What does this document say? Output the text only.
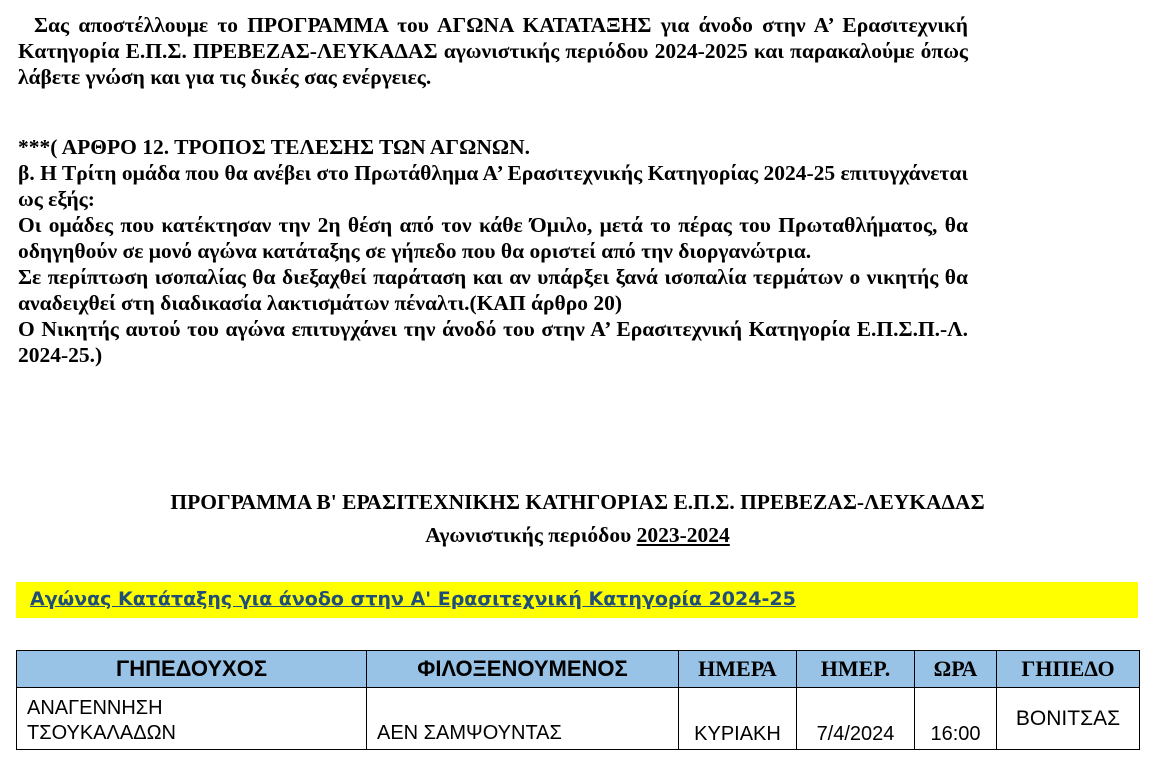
Σας αποστέλλουμε το ΠΡΟΓΡΑΜΜΑ του ΑΓΩΝΑ ΚΑΤΑΤΑΞΗΣ για άνοδο στην Α’ Ερασιτεχνική Κατηγορία Ε.Π.Σ. ΠΡΕΒΕΖΑΣ-ΛΕΥΚΑΔΑΣ αγωνιστικής περιόδου 2024-2025 και παρακαλούμε όπως λάβετε γνώση και για τις δικές σας ενέργειες.

***( ΑΡΘΡΟ 12. ΤΡΟΠΟΣ ΤΕΛΕΣΗΣ ΤΩΝ ΑΓΩΝΩΝ.

β. Η Τρίτη ομάδα που θα ανέβει στο Πρωτάθλημα Α’ Ερασιτεχνικής Κατηγορίας 2024-25 επιτυγχάνεται ως εξής:

Οι ομάδες που κατέκτησαν την 2η θέση από τον κάθε Όμιλο, μετά το πέρας του Πρωταθλήματος, θα οδηγηθούν σε μονό αγώνα κατάταξης σε γήπεδο που θα οριστεί από την διοργανώτρια.

Σε περίπτωση ισοπαλίας θα διεξαχθεί παράταση και αν υπάρξει ξανά ισοπαλία τερμάτων ο νικητής θα αναδειχθεί στη διαδικασία λακτισμάτων πέναλτι.(ΚΑΠ άρθρο 20)

Ο Νικητής αυτού του αγώνα επιτυγχάνει την άνοδό του στην Α’ Ερασιτεχνική Κατηγορία Ε.Π.Σ.Π.-Λ. 2024-25.)

ΠΡΟΓΡΑΜΜΑ Β' ΕΡΑΣΙΤΕΧΝΙΚΗΣ ΚΑΤΗΓΟΡΙΑΣ Ε.Π.Σ. ΠΡΕΒΕΖΑΣ-ΛΕΥΚΑΔΑΣ
Αγωνιστικής περιόδου 2023-2024
Αγώνας Κατάταξης για άνοδο στην Α' Ερασιτεχνική Κατηγορία 2024-25
ΓΗΠΕΔΟΥΧΟΣ	ΦΙΛΟΞΕΝΟΥΜΕΝΟΣ	ΗΜΕΡΑ	ΗΜΕΡ.	ΩΡΑ	ΓΗΠΕΔΟ

ΑΝΑΓΕΝΝΗΣΗ
ΤΣΟΥΚΑΛΑΔΩΝ	ΑΕΝ ΣΑΜΨΟΥΝΤΑΣ	ΚΥΡΙΑΚΗ	7/4/2024	16:00	ΒΟΝΙΤΣΑΣ
